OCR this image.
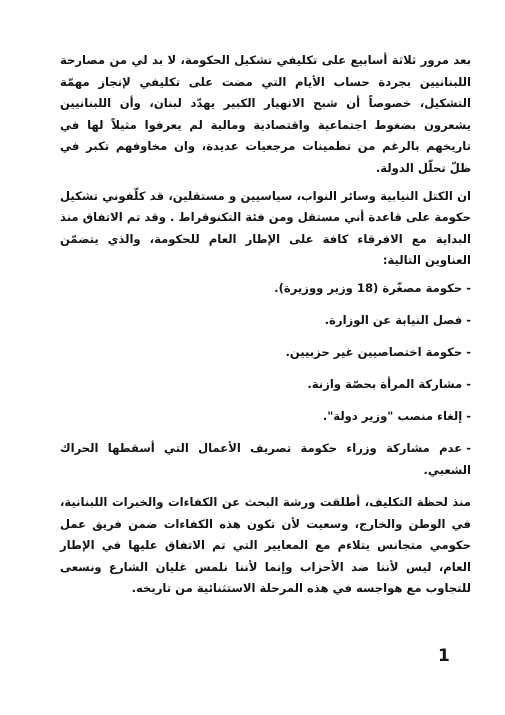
بعد مرور ثلاثة أسابيع على تكليفي تشكيل الحكومة، لا بد لي من مصارحة اللبنانيين بجردة حساب الأيام التي مضت على تكليفي لإنجاز مهمّة التشكيل، خصوصاً أن شبح الانهيار الكبير يهدّد لبنان، وأن اللبنانيين يشعرون بضغوط اجتماعية واقتصادية ومالية لم يعرفوا مثيلاً لها في تاريخهم بالرغم من تطمينات مرجعيات عديدة، وان مخاوفهم تكبر في ظلّ تحلّل الدولة.

ان الكتل النيابية وسائر النواب، سياسيين و مستقلين، قد كلّفوني تشكيل حكومة على قاعدة أني مستقل ومن فئة التكنوقراط . وقد تم الاتفاق منذ البداية مع الافرقاء كافة على الإطار العام للحكومة، والذي يتضمّن العناوين التالية:

-حكومة مصغّرة (18 وزير ووزيرة).
-فصل النيابة عن الوزارة.
-حكومة اختصاصيين غير حزبيين.
-مشاركة المرأة بحصّة وازنة.
-إلغاء منصب "وزير دولة".
-عدم مشاركة وزراء حكومة تصريف الأعمال التي أسقطها الحراك الشعبي.

منذ لحظة التكليف، أطلقت ورشة البحث عن الكفاءات والخبرات اللبنانية، في الوطن والخارج، وسعيت لأن تكون هذه الكفاءات ضمن فريق عمل حكومي متجانس يتلاءم مع المعايير التي تم الاتفاق عليها في الإطار العام، ليس لأننا ضد الأحزاب وإنما لأننا نلمس غليان الشارع ونسعى للتجاوب مع هواجسه في هذه المرحلة الاستثنائية من تاريخه.

1
